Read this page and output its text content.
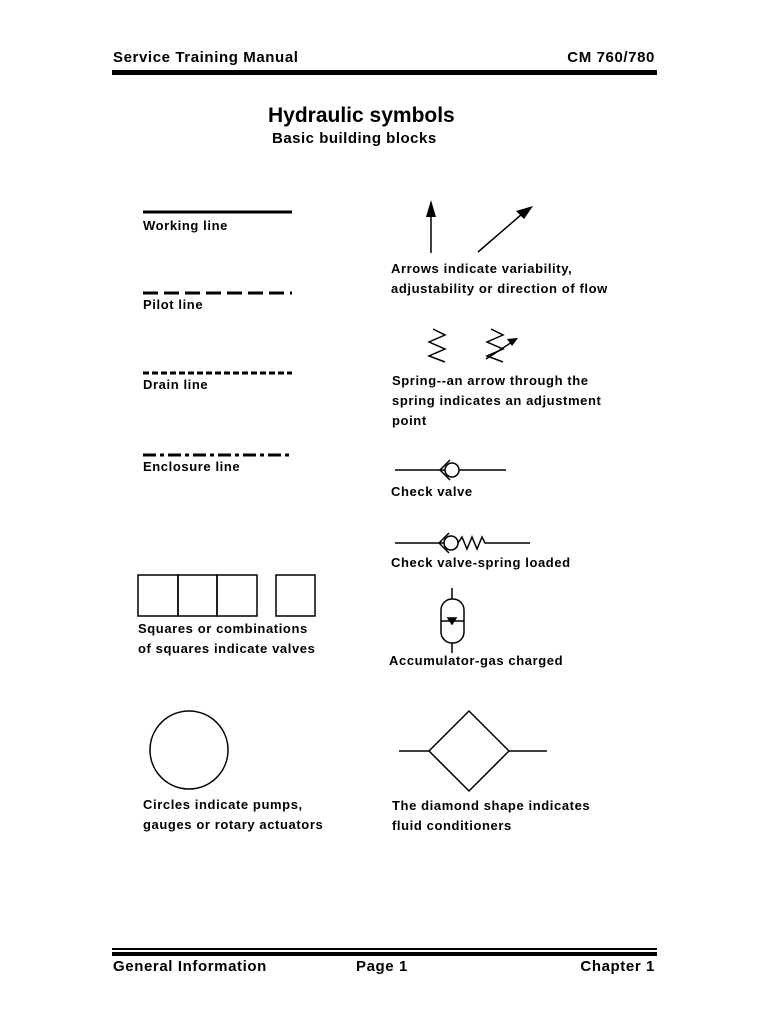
Service Training Manual	CM 760/780
Hydraulic symbols
Basic building blocks
Working line
Pilot line
Drain line
Enclosure line
Squares or combinations
of squares indicate valves
Circles indicate pumps,
gauges or rotary actuators
Arrows indicate variability,
adjustability or direction of flow
Spring--an arrow through the
spring indicates an adjustment
point
Check valve
Check valve-spring loaded
Accumulator-gas charged
The diamond shape indicates
fluid conditioners
General Information	Page 1	Chapter 1
